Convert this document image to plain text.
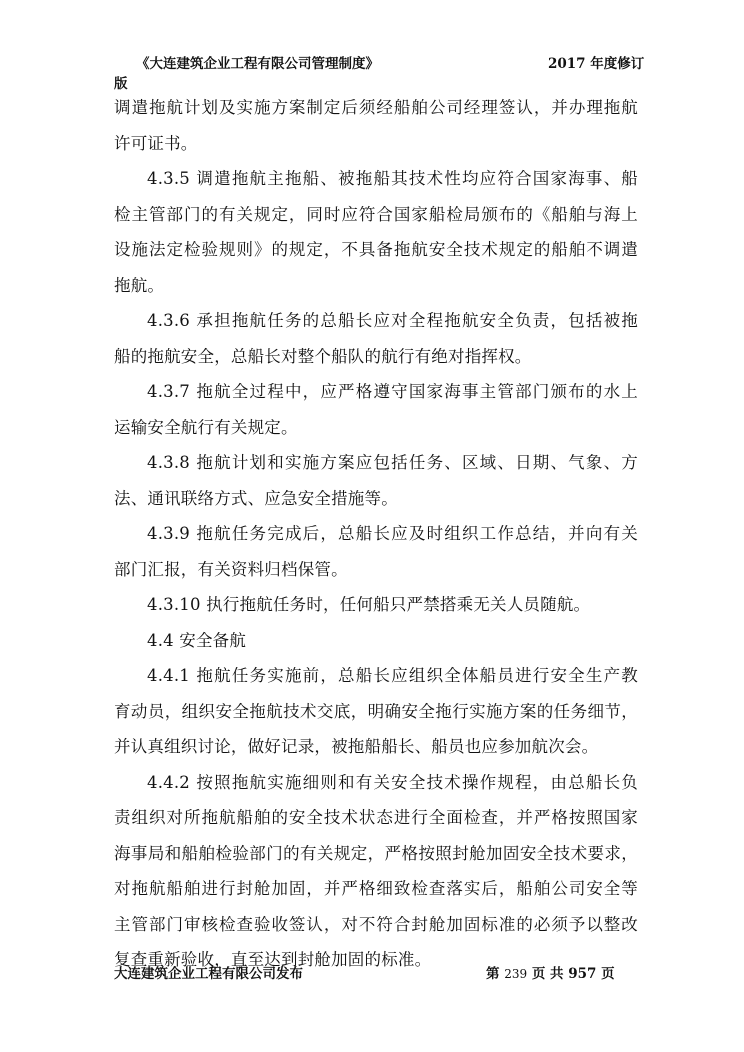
《大连建筑企业工程有限公司管理制度》	2017 年度修订
版
调遣拖航计划及实施方案制定后须经船舶公司经理签认，并办理拖航
许可证书。
4.3.5 调遣拖航主拖船、被拖船其技术性均应符合国家海事、船
检主管部门的有关规定，同时应符合国家船检局颁布的《船舶与海上
设施法定检验规则》的规定，不具备拖航安全技术规定的船舶不调遣
拖航。
4.3.6 承担拖航任务的总船长应对全程拖航安全负责，包括被拖
船的拖航安全，总船长对整个船队的航行有绝对指挥权。
4.3.7 拖航全过程中，应严格遵守国家海事主管部门颁布的水上
运输安全航行有关规定。
4.3.8 拖航计划和实施方案应包括任务、区域、日期、气象、方
法、通讯联络方式、应急安全措施等。
4.3.9 拖航任务完成后，总船长应及时组织工作总结，并向有关
部门汇报，有关资料归档保管。
4.3.10 执行拖航任务时，任何船只严禁搭乘无关人员随航。
4.4 安全备航
4.4.1 拖航任务实施前，总船长应组织全体船员进行安全生产教
育动员，组织安全拖航技术交底，明确安全拖行实施方案的任务细节，
并认真组织讨论，做好记录，被拖船船长、船员也应参加航次会。
4.4.2 按照拖航实施细则和有关安全技术操作规程，由总船长负
责组织对所拖航船舶的安全技术状态进行全面检查，并严格按照国家
海事局和船舶检验部门的有关规定，严格按照封舱加固安全技术要求，
对拖航船舶进行封舱加固，并严格细致检查落实后，船舶公司安全等
主管部门审核检查验收签认，对不符合封舱加固标准的必须予以整改
复查重新验收，直至达到封舱加固的标准。
大连建筑企业工程有限公司发布	第 239 页 共 957 页
